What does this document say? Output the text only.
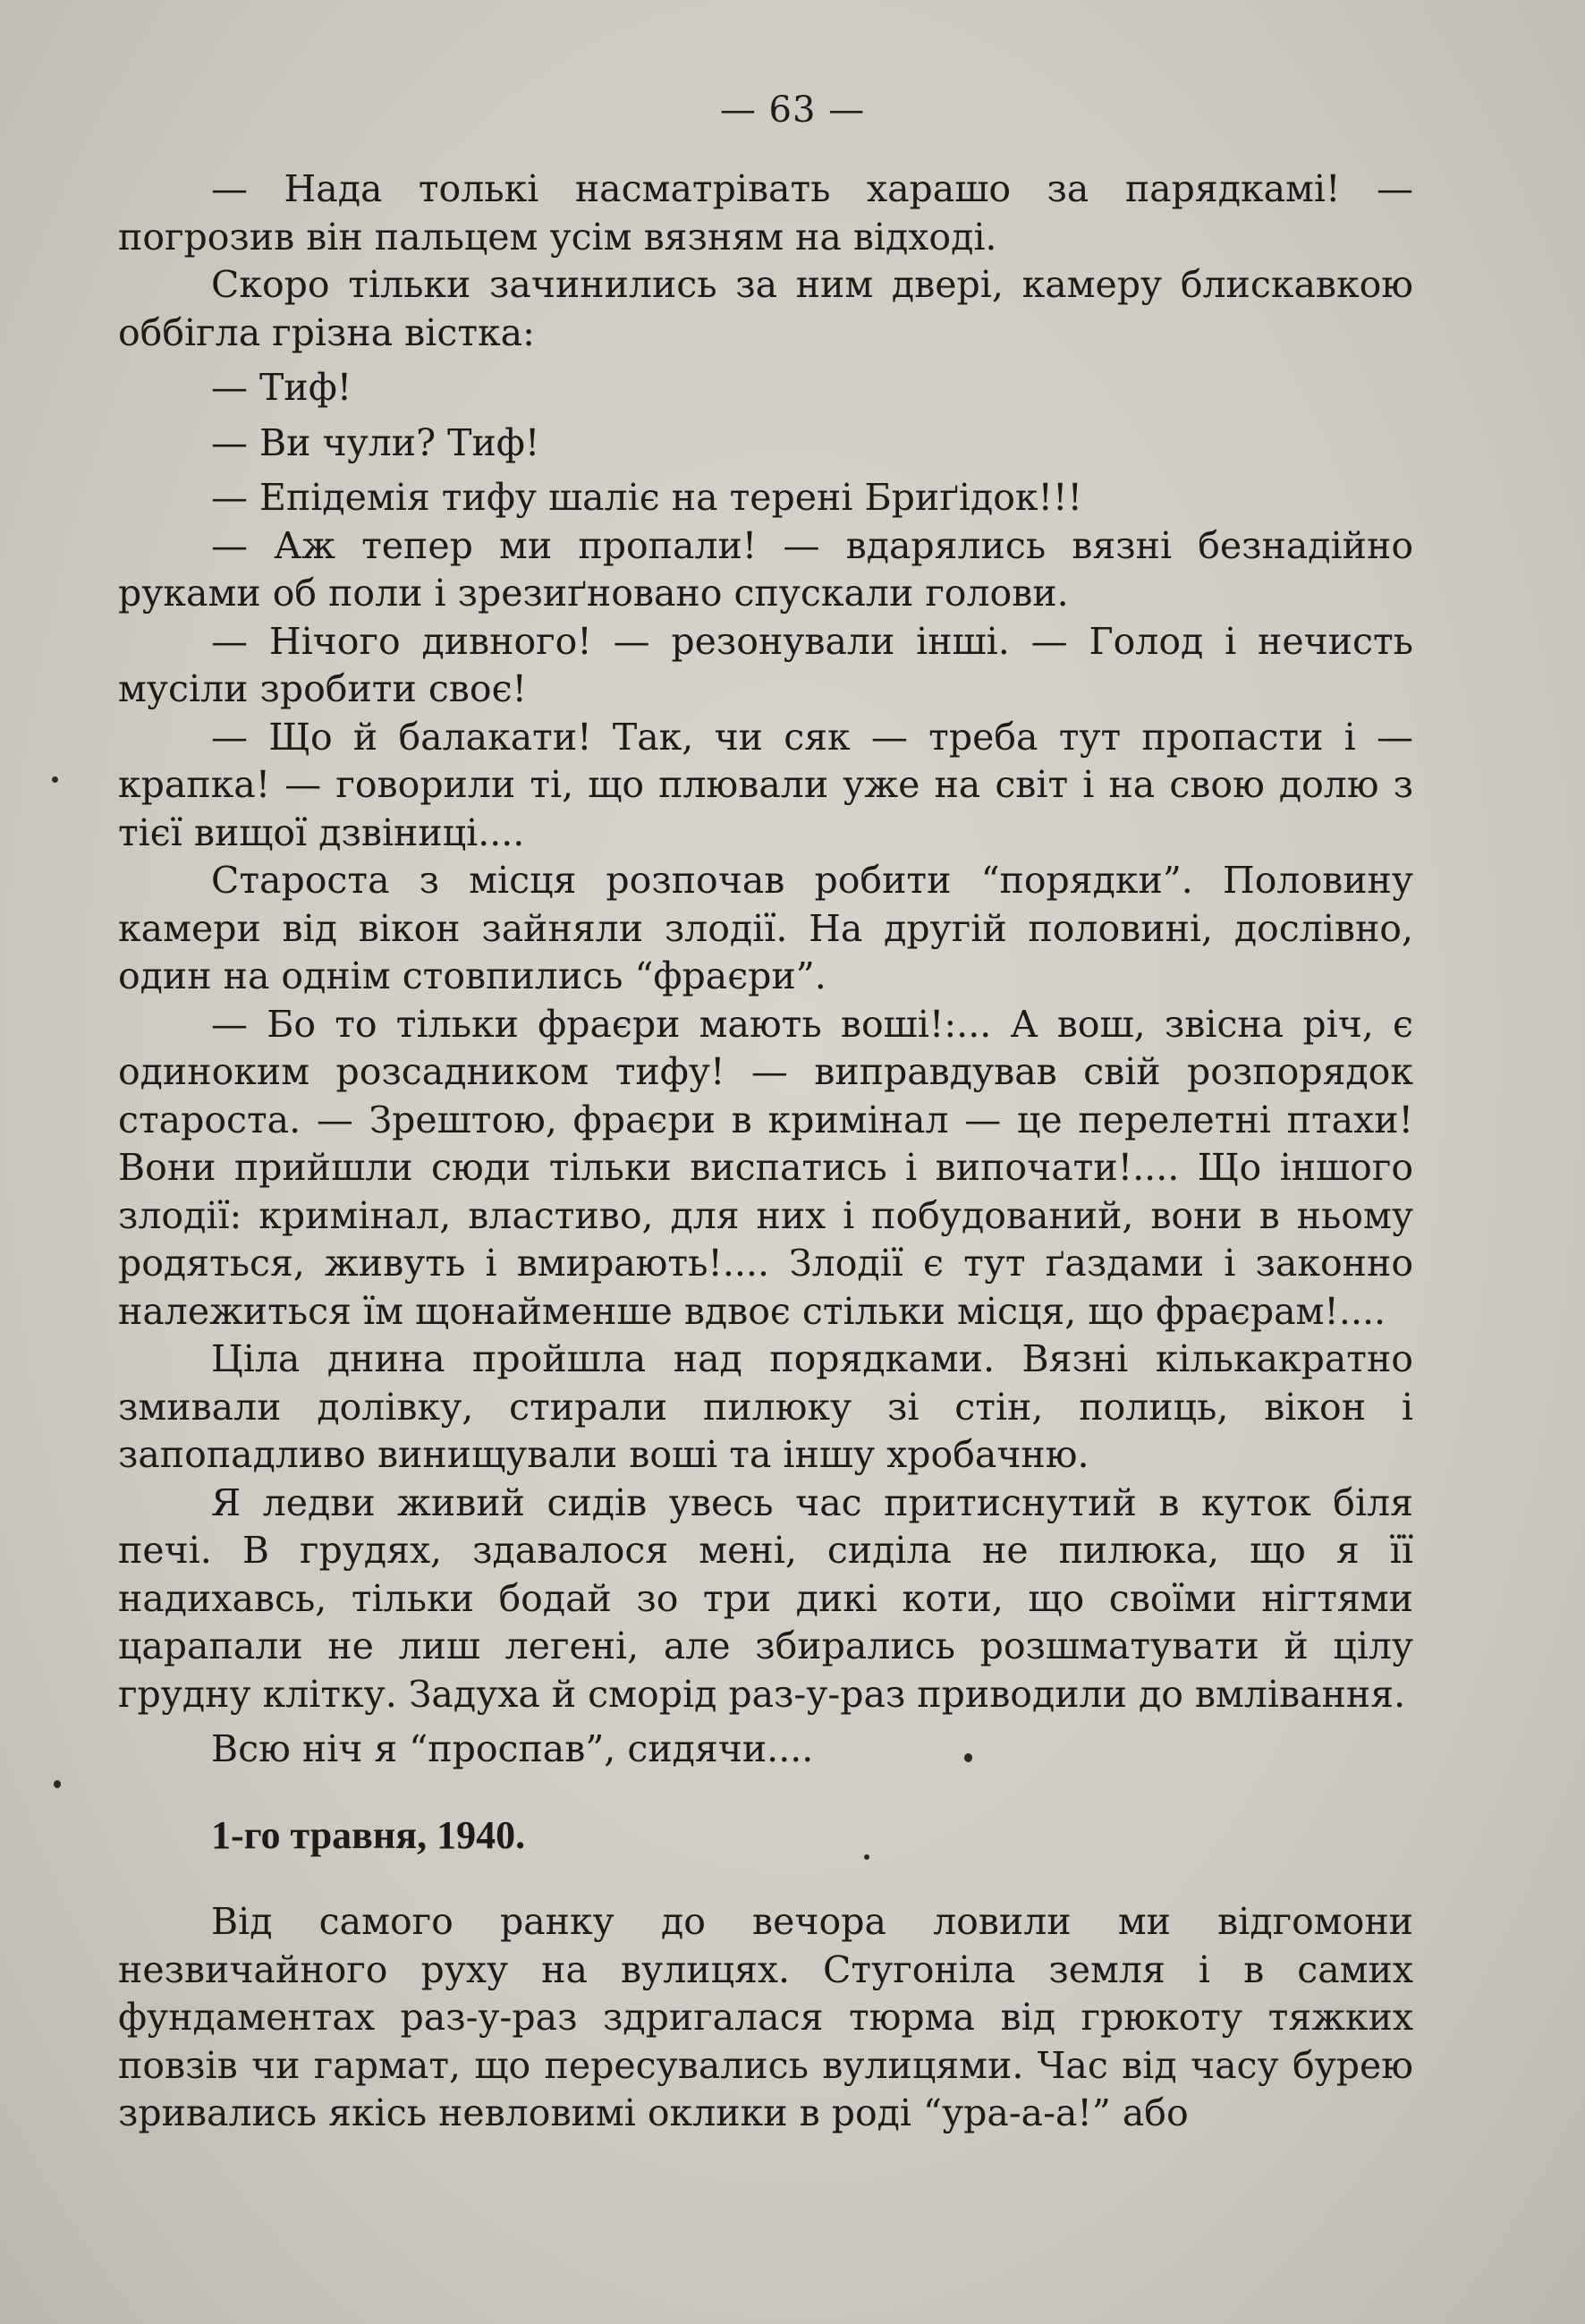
— 63 —

— Нада толькі насматрівать харашо за парядкамі! — погрозив він пальцем усім вязням на відході.

Скоро тільки зачинились за ним двері, камеру блискавкою оббігла грізна вістка:

— Тиф!

— Ви чули? Тиф!

— Епідемія тифу шаліє на терені Бриґідок!!!

— Аж тепер ми пропали! — вдарялись вязні безнадійно руками об поли і зрезиґновано спускали голови.

— Нічого дивного! — резонували інші. — Голод і нечисть мусіли зробити своє!

— Що й балакати! Так, чи сяк — треба тут пропасти і — крапка! — говорили ті, що плювали уже на світ і на свою долю з тієї вищої дзвіниці....

Староста з місця розпочав робити “порядки”. Половину камери від вікон зайняли злодії. На другій половині, дослівно, один на однім стовпились “фраєри”.

— Бо то тільки фраєри мають воші!:... А вош, звісна річ, є одиноким розсадником тифу! — виправдував свій розпорядок староста. — Зрештою, фраєри в кримінал — це перелетні птахи! Вони прийшли сюди тільки виспатись і випочати!.... Що іншого злодії: кримінал, властиво, для них і побудований, вони в ньому родяться, живуть і вмирають!.... Злодії є тут ґаздами і законно належиться їм щонайменше вдвоє стільки місця, що фраєрам!....

Ціла днина пройшла над порядками. Вязні кількакратно змивали долівку, стирали пилюку зі стін, полиць, вікон і запопадливо винищували воші та іншу хробачню.

Я ледви живий сидів увесь час притиснутий в куток біля печі. В грудях, здавалося мені, сиділа не пилюка, що я її надихавсь, тільки бодай зо три дикі коти, що своїми нігтями царапали не лиш легені, але збирались розшматувати й цілу грудну клітку. Задуха й сморід раз-у-раз приводили до вмлівання.

Всю ніч я “проспав”, сидячи....

1-го травня, 1940.

Від самого ранку до вечора ловили ми відгомони незвичайного руху на вулицях. Стугоніла земля і в самих фундаментах раз-у-раз здригалася тюрма від грюкоту тяжких повзів чи гармат, що пересувались вулицями. Час від часу бурею зривались якісь невловимі оклики в роді “ура-а-а!” або
